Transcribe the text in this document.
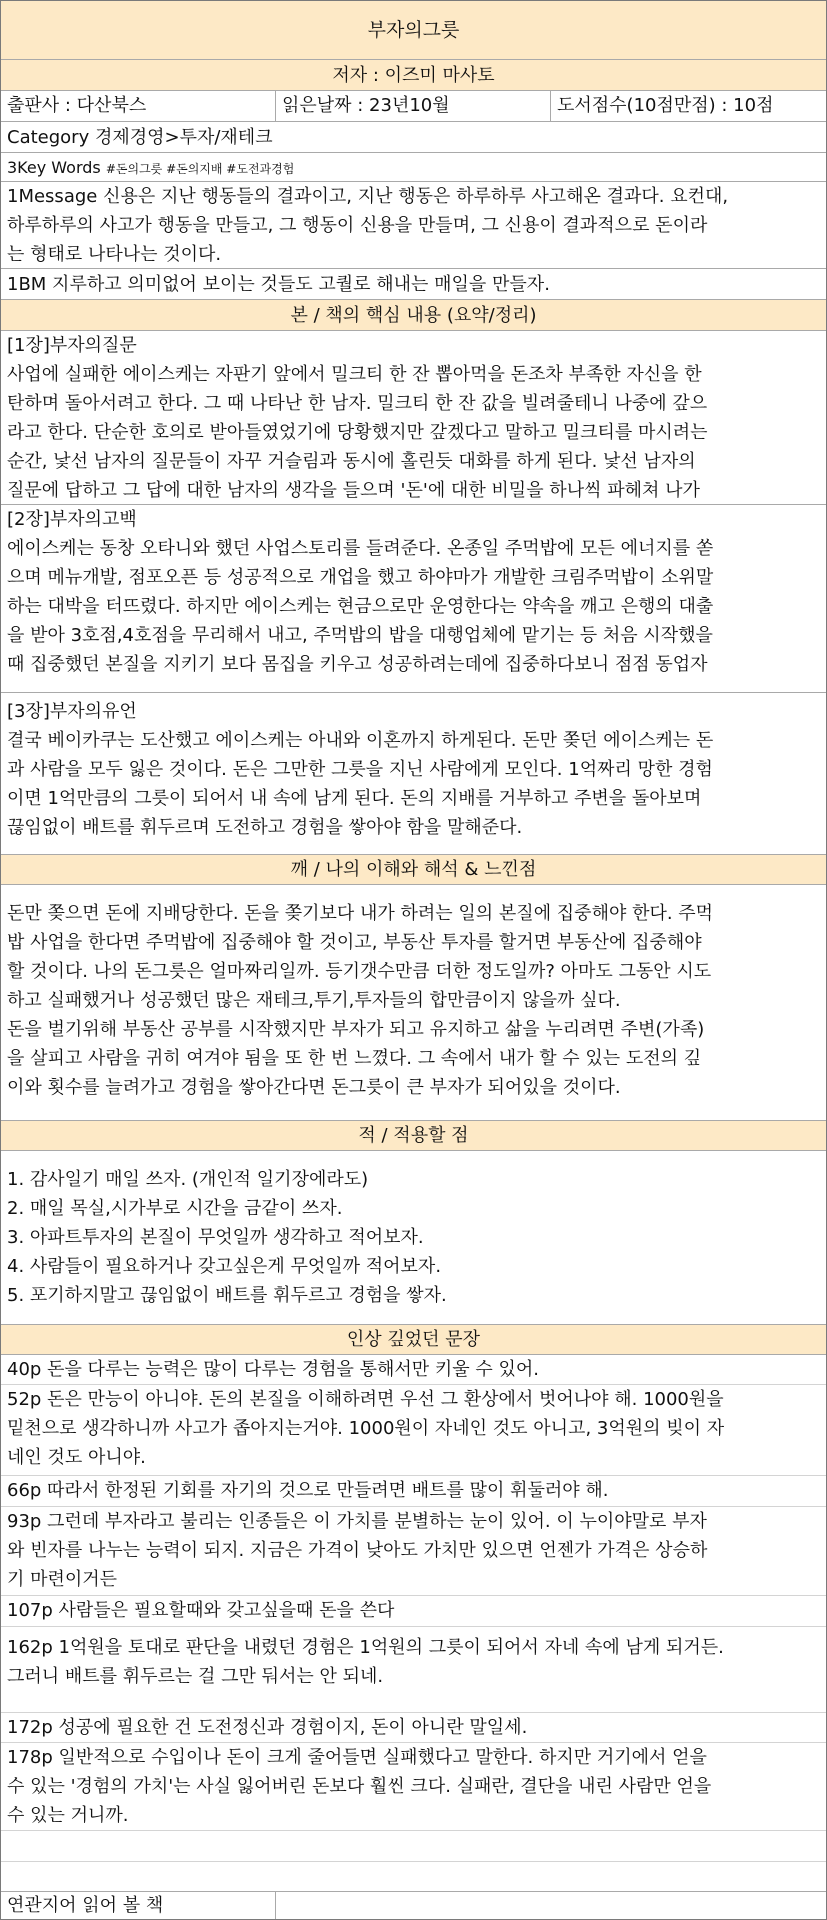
부자의그릇
저자 : 이즈미 마사토
출판사 : 다산북스	읽은날짜 : 23년10월	도서점수(10점만점) : 10점
Category 경제경영>투자/재테크
3Key Words #돈의그릇 #돈의지배 #도전과경험

1Message 신용은 지난 행동들의 결과이고, 지난 행동은 하루하루 사고해온 결과다. 요컨대,

하루하루의 사고가 행동을 만들고, 그 행동이 신용을 만들며, 그 신용이 결과적으로 돈이라

는 형태로 나타나는 것이다.

1BM 지루하고 의미없어 보이는 것들도 고퀄로 해내는 매일을 만들자.
본 / 책의 핵심 내용 (요약/정리)

[1장]부자의질문

사업에 실패한 에이스케는 자판기 앞에서 밀크티 한 잔 뽑아먹을 돈조차 부족한 자신을 한

탄하며 돌아서려고 한다. 그 때 나타난 한 남자. 밀크티 한 잔 값을 빌려줄테니 나중에 갚으

라고 한다. 단순한 호의로 받아들였었기에 당황했지만 갚겠다고 말하고 밀크티를 마시려는

순간, 낯선 남자의 질문들이 자꾸 거슬림과 동시에 홀린듯 대화를 하게 된다. 낯선 남자의

질문에 답하고 그 답에 대한 남자의 생각을 들으며 '돈'에 대한 비밀을 하나씩 파헤쳐 나가

[2장]부자의고백

에이스케는 동창 오타니와 했던 사업스토리를 들려준다. 온종일 주먹밥에 모든 에너지를 쏟

으며 메뉴개발, 점포오픈 등 성공적으로 개업을 했고 하야마가 개발한 크림주먹밥이 소위말

하는 대박을 터뜨렸다. 하지만 에이스케는 현금으로만 운영한다는 약속을 깨고 은행의 대출

을 받아 3호점,4호점을 무리해서 내고, 주먹밥의 밥을 대행업체에 맡기는 등 처음 시작했을

때 집중했던 본질을 지키기 보다 몸집을 키우고 성공하려는데에 집중하다보니 점점 동업자

[3장]부자의유언

결국 베이카쿠는 도산했고 에이스케는 아내와 이혼까지 하게된다. 돈만 쫒던 에이스케는 돈

과 사람을 모두 잃은 것이다. 돈은 그만한 그릇을 지닌 사람에게 모인다. 1억짜리 망한 경험

이면 1억만큼의 그릇이 되어서 내 속에 남게 된다. 돈의 지배를 거부하고 주변을 돌아보며

끊임없이 배트를 휘두르며 도전하고 경험을 쌓아야 함을 말해준다.

깨 / 나의 이해와 해석 & 느낀점

돈만 쫒으면 돈에 지배당한다. 돈을 쫒기보다 내가 하려는 일의 본질에 집중해야 한다. 주먹

밥 사업을 한다면 주먹밥에 집중해야 할 것이고, 부동산 투자를 할거면 부동산에 집중해야

할 것이다. 나의 돈그릇은 얼마짜리일까. 등기갯수만큼 더한 정도일까? 아마도 그동안 시도

하고 실패했거나 성공했던 많은 재테크,투기,투자들의 합만큼이지 않을까 싶다.

돈을 벌기위해 부동산 공부를 시작했지만 부자가 되고 유지하고 삶을 누리려면 주변(가족)

을 살피고 사람을 귀히 여겨야 됨을 또 한 번 느꼈다. 그 속에서 내가 할 수 있는 도전의 깊

이와 횟수를 늘려가고 경험을 쌓아간다면 돈그릇이 큰 부자가 되어있을 것이다.

적 / 적용할 점

1. 감사일기 매일 쓰자. (개인적 일기장에라도)

2. 매일 목실,시가부로 시간을 금같이 쓰자.

3. 아파트투자의 본질이 무엇일까 생각하고 적어보자.

4. 사람들이 필요하거나 갖고싶은게 무엇일까 적어보자.

5. 포기하지말고 끊임없이 배트를 휘두르고 경험을 쌓자.

인상 깊었던 문장

40p 돈을 다루는 능력은 많이 다루는 경험을 통해서만 키울 수 있어.

52p 돈은 만능이 아니야. 돈의 본질을 이해하려면 우선 그 환상에서 벗어나야 해. 1000원을

밑천으로 생각하니까 사고가 좁아지는거야. 1000원이 자네인 것도 아니고, 3억원의 빚이 자

네인 것도 아니야.

66p 따라서 한정된 기회를 자기의 것으로 만들려면 배트를 많이 휘둘러야 해.

93p 그런데 부자라고 불리는 인종들은 이 가치를 분별하는 눈이 있어. 이 누이야말로 부자

와 빈자를 나누는 능력이 되지. 지금은 가격이 낮아도 가치만 있으면 언젠가 가격은 상승하

기 마련이거든

107p 사람들은 필요할때와 갖고싶을때 돈을 쓴다

162p 1억원을 토대로 판단을 내렸던 경험은 1억원의 그릇이 되어서 자네 속에 남게 되거든.

그러니 배트를 휘두르는 걸 그만 둬서는 안 되네.

172p 성공에 필요한 건 도전정신과 경험이지, 돈이 아니란 말일세.

178p 일반적으로 수입이나 돈이 크게 줄어들면 실패했다고 말한다. 하지만 거기에서 얻을

수 있는 '경험의 가치'는 사실 잃어버린 돈보다 훨씬 크다. 실패란, 결단을 내린 사람만 얻을

수 있는 거니까.

연관지어 읽어 볼 책
